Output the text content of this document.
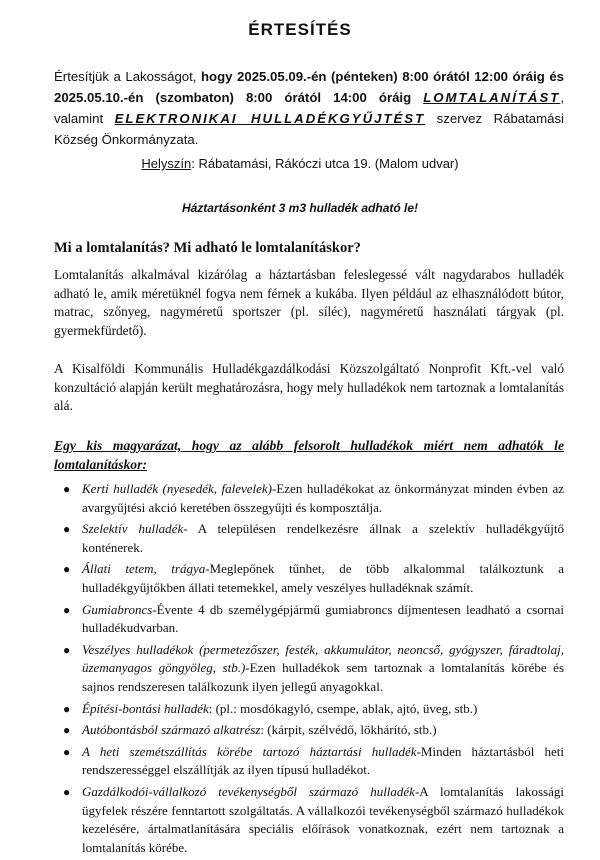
ÉRTESÍTÉS

Értesítjük a Lakosságot, hogy 2025.05.09.-én (pénteken) 8:00 órától 12:00 óráig és 2025.05.10.-én (szombaton) 8:00 órától 14:00 óráig LOMTALANÍTÁST, valamint ELEKTRONIKAI HULLADÉKGYŰJTÉST szervez Rábatamási Község Önkormányzata.

Helyszín: Rábatamási, Rákóczi utca 19. (Malom udvar)
Háztartásonként 3 m3 hulladék adható le!

Mi a lomtalanítás? Mi adható le lomtalanításkor?

Lomtalanítás alkalmával kizárólag a háztartásban feleslegessé vált nagydarabos hulladék adható le, amik méretüknél fogva nem férnek a kukába. Ilyen például az elhasználódott bútor, matrac, szőnyeg, nagyméretű sportszer (pl. síléc), nagyméretű használati tárgyak (pl. gyermekfürdető).

A Kisalföldi Kommunális Hulladékgazdálkodási Közszolgáltató Nonprofit Kft.-vel való konzultáció alapján került meghatározásra, hogy mely hulladékok nem tartoznak a lomtalanítás alá.

Egy kis magyarázat, hogy az alább felsorolt hulladékok miért nem adhatók le lomtalanításkor:

● Kerti hulladék (nyesedék, falevelek)-Ezen hulladékokat az önkormányzat minden évben az avargyűjtési akció keretében összegyűjti és komposztálja.
● Szelektív hulladék- A településen rendelkezésre állnak a szelektív hulladékgyűjtő konténerek.
● Állati tetem, trágya-Meglepőnek tűnhet, de több alkalommal találkoztunk a hulladékgyűjtőkben állati tetemekkel, amely veszélyes hulladéknak számít.
● Gumiabroncs-Évente 4 db személygépjármű gumiabroncs díjmentesen leadható a csornai hulladékudvarban.
● Veszélyes hulladékok (permetezőszer, festék, akkumulátor, neoncső, gyógyszer, fáradtolaj, üzemanyagos göngyöleg, stb.)-Ezen hulladékok sem tartoznak a lomtalanítás körébe és sajnos rendszeresen találkozunk ilyen jellegű anyagokkal.
● Építési-bontási hulladék: (pl.: mosdókagyló, csempe, ablak, ajtó, üveg, stb.)
● Autóbontásból származó alkatrész: (kárpit, szélvédő, lökhárító, stb.)
● A heti szemétszállítás körébe tartozó háztartási hulladék-Minden háztartásból heti rendszerességgel elszállítják az ilyen típusú hulladékot.
● Gazdálkodói-vállalkozó tevékenységből származó hulladék-A lomtalanítás lakossági ügyfelek részére fenntartott szolgáltatás. A vállalkozói tevékenységből származó hulladékok kezelésére, ártalmatlanítására speciális előírások vonatkoznak, ezért nem tartoznak a lomtalanítás körébe.
